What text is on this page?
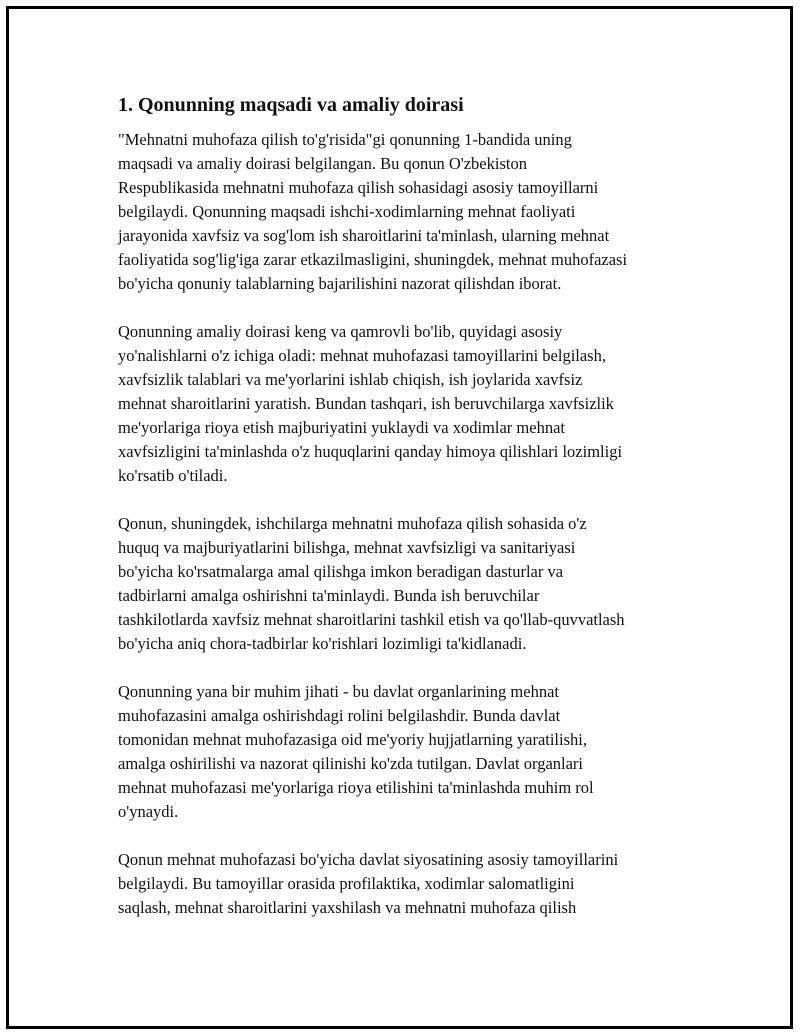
1. Qonunning maqsadi va amaliy doirasi

"Mehnatni muhofaza qilish to'g'risida"gi qonunning 1-bandida uning
maqsadi va amaliy doirasi belgilangan. Bu qonun O'zbekiston
Respublikasida mehnatni muhofaza qilish sohasidagi asosiy tamoyillarni
belgilaydi. Qonunning maqsadi ishchi-xodimlarning mehnat faoliyati
jarayonida xavfsiz va sog'lom ish sharoitlarini ta'minlash, ularning mehnat
faoliyatida sog'lig'iga zarar etkazilmasligini, shuningdek, mehnat muhofazasi
bo'yicha qonuniy talablarning bajarilishini nazorat qilishdan iborat.

Qonunning amaliy doirasi keng va qamrovli bo'lib, quyidagi asosiy
yo'nalishlarni o'z ichiga oladi: mehnat muhofazasi tamoyillarini belgilash,
xavfsizlik talablari va me'yorlarini ishlab chiqish, ish joylarida xavfsiz
mehnat sharoitlarini yaratish. Bundan tashqari, ish beruvchilarga xavfsizlik
me'yorlariga rioya etish majburiyatini yuklaydi va xodimlar mehnat
xavfsizligini ta'minlashda o'z huquqlarini qanday himoya qilishlari lozimligi
ko'rsatib o'tiladi.

Qonun, shuningdek, ishchilarga mehnatni muhofaza qilish sohasida o'z
huquq va majburiyatlarini bilishga, mehnat xavfsizligi va sanitariyasi
bo'yicha ko'rsatmalarga amal qilishga imkon beradigan dasturlar va
tadbirlarni amalga oshirishni ta'minlaydi. Bunda ish beruvchilar
tashkilotlarda xavfsiz mehnat sharoitlarini tashkil etish va qo'llab-quvvatlash
bo'yicha aniq chora-tadbirlar ko'rishlari lozimligi ta'kidlanadi.

Qonunning yana bir muhim jihati - bu davlat organlarining mehnat
muhofazasini amalga oshirishdagi rolini belgilashdir. Bunda davlat
tomonidan mehnat muhofazasiga oid me'yoriy hujjatlarning yaratilishi,
amalga oshirilishi va nazorat qilinishi ko'zda tutilgan. Davlat organlari
mehnat muhofazasi me'yorlariga rioya etilishini ta'minlashda muhim rol
o'ynaydi.

Qonun mehnat muhofazasi bo'yicha davlat siyosatining asosiy tamoyillarini
belgilaydi. Bu tamoyillar orasida profilaktika, xodimlar salomatligini
saqlash, mehnat sharoitlarini yaxshilash va mehnatni muhofaza qilish
